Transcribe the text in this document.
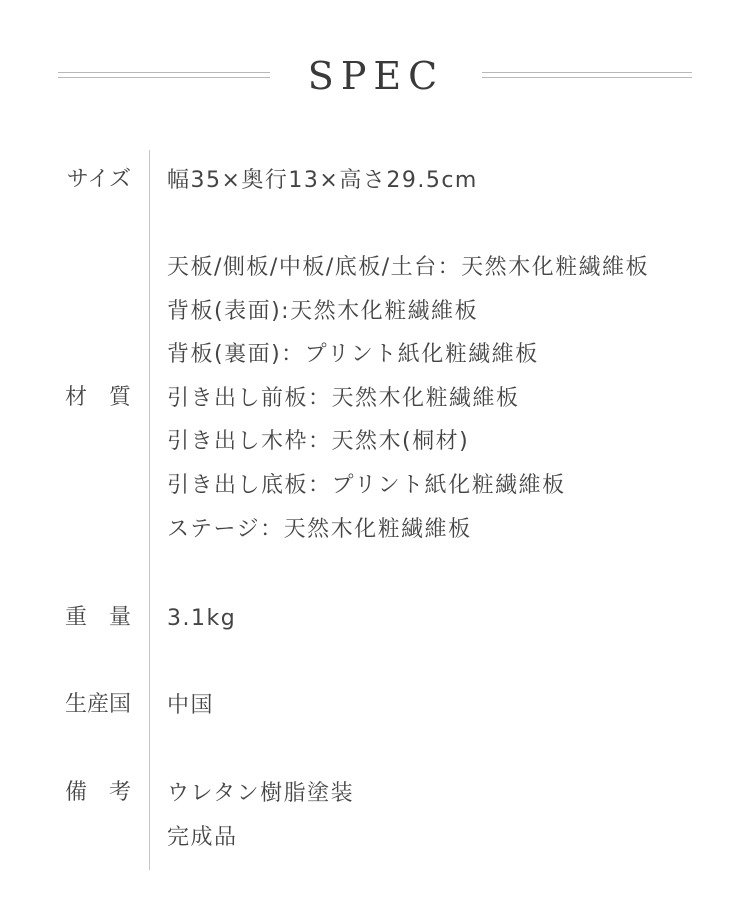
SPEC
サイズ 幅35×奥行13×高さ29.5cm
材　質
天板/側板/中板/底板/土台：天然木化粧繊維板
背板(表面):天然木化粧繊維板
背板(裏面)：プリント紙化粧繊維板
引き出し前板：天然木化粧繊維板
引き出し木枠：天然木(桐材)
引き出し底板：プリント紙化粧繊維板
ステージ：天然木化粧繊維板
重　量 3.1kg
生産国 中国
備　考 ウレタン樹脂塗装
完成品
